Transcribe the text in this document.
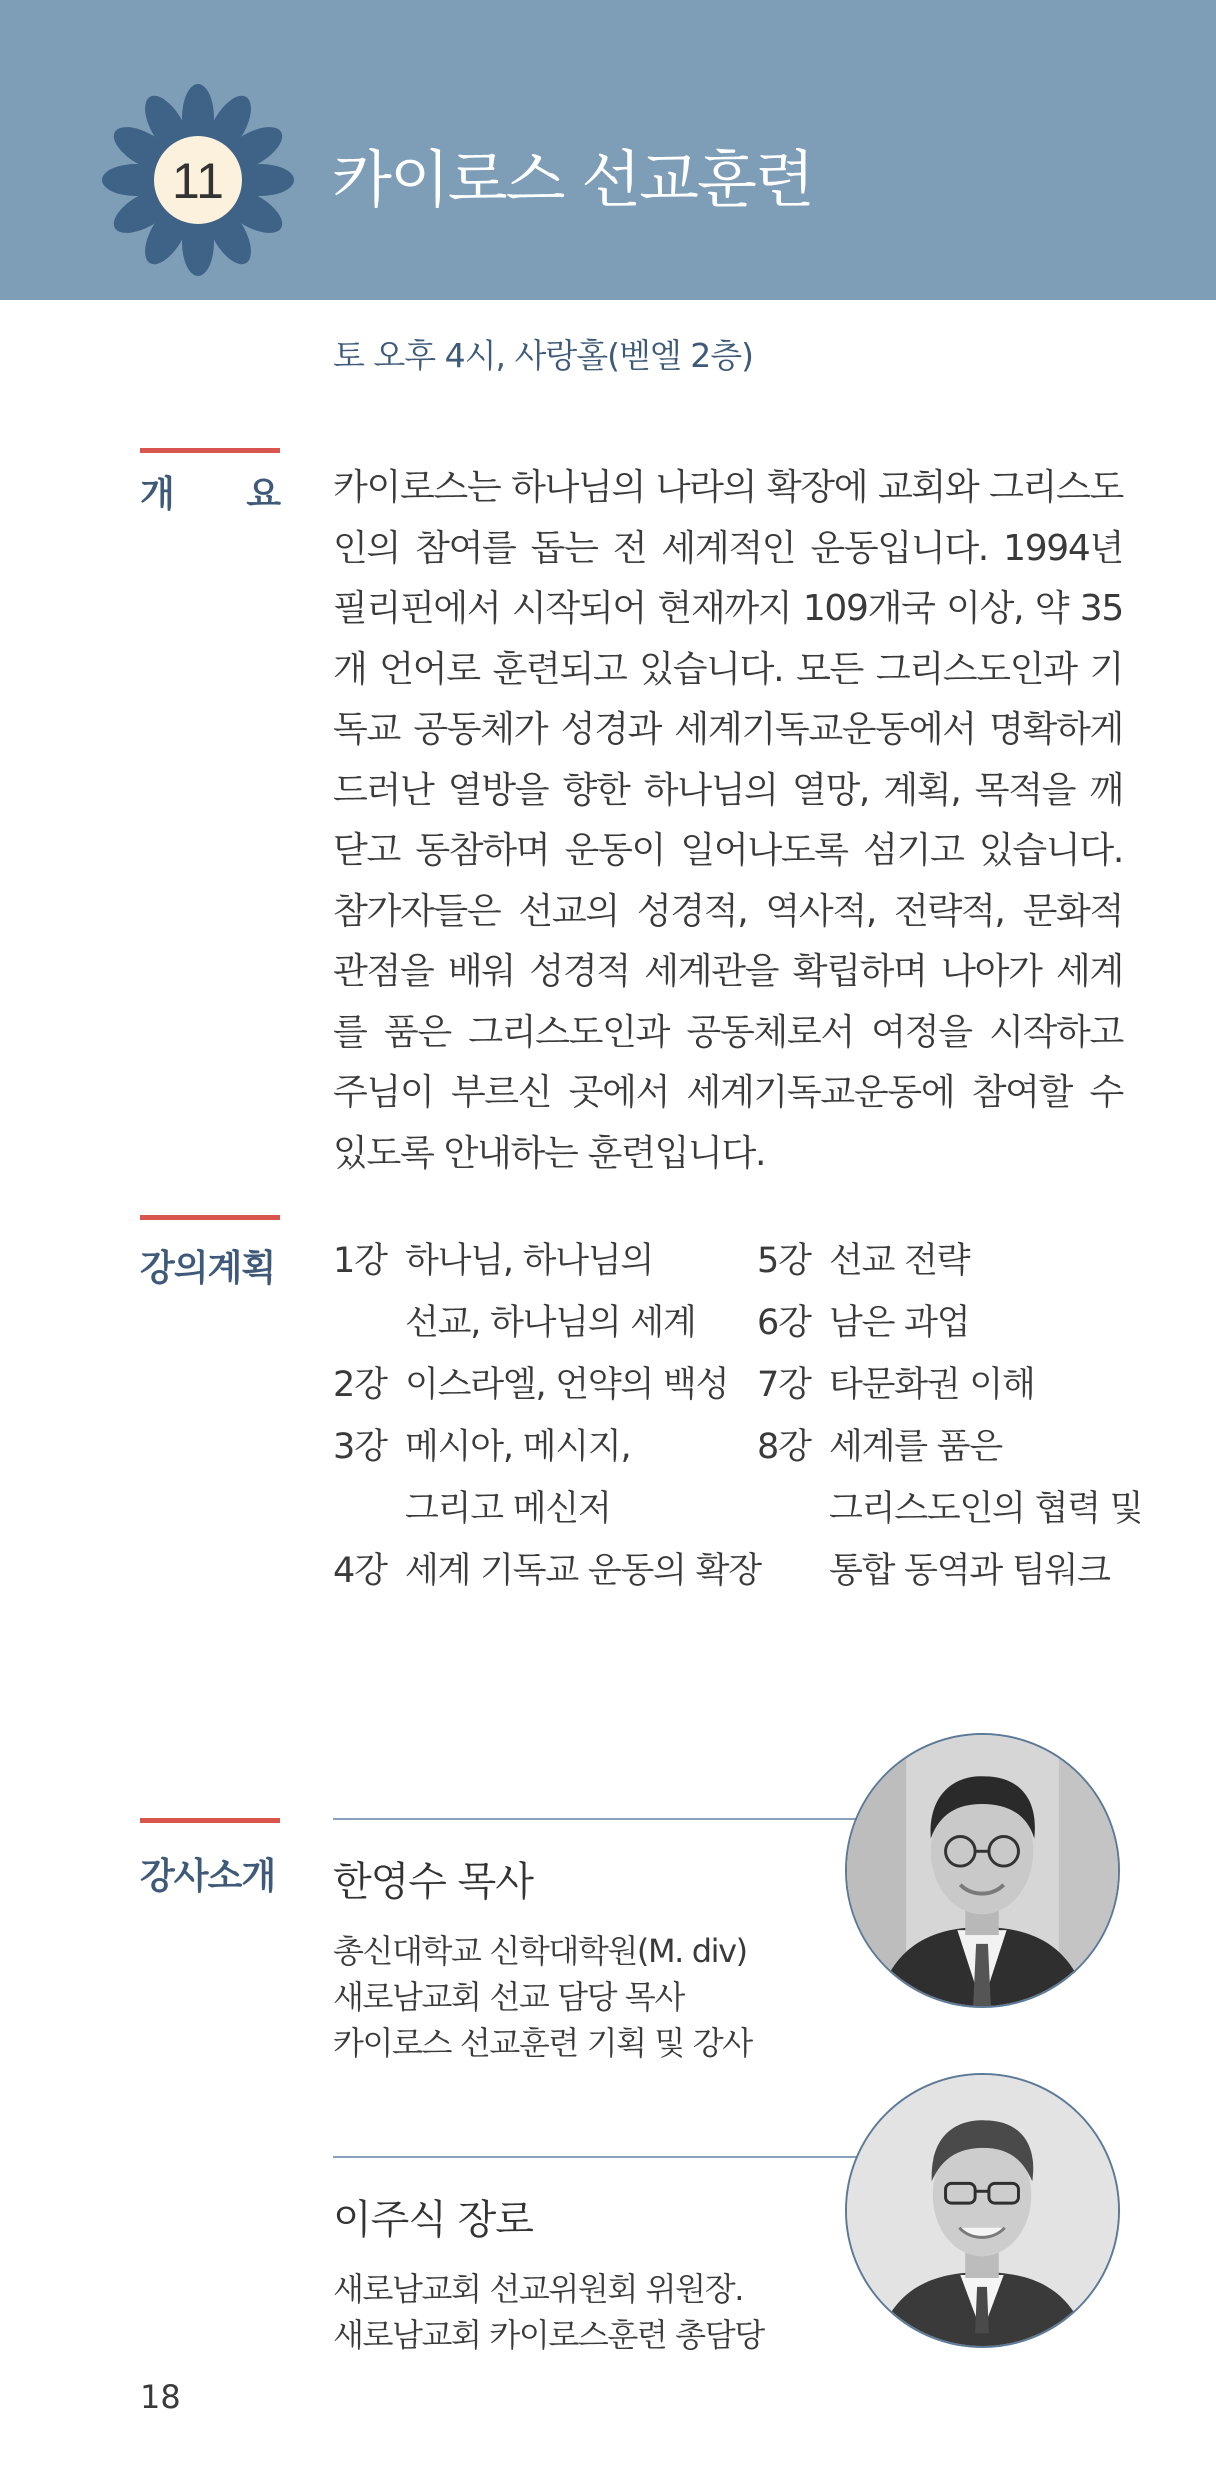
11 카이로스 선교훈련
토 오후 4시, 사랑홀(벧엘 2층)
개 요 카이로스는 하나님의 나라의 확장에 교회와 그리스도인의 참여를 돕는 전 세계적인 운동입니다. 1994년 필리핀에서 시작되어 현재까지 109개국 이상, 약 35개 언어로 훈련되고 있습니다. 모든 그리스도인과 기독교 공동체가 성경과 세계기독교운동에서 명확하게 드러난 열방을 향한 하나님의 열망, 계획, 목적을 깨닫고 동참하며 운동이 일어나도록 섬기고 있습니다. 참가자들은 선교의 성경적, 역사적, 전략적, 문화적 관점을 배워 성경적 세계관을 확립하며 나아가 세계를 품은 그리스도인과 공동체로서 여정을 시작하고 주님이 부르신 곳에서 세계기독교운동에 참여할 수 있도록 안내하는 훈련입니다.
강의계획 1강 하나님, 하나님의
선교, 하나님의 세계
2강 이스라엘, 언약의 백성
3강 메시아, 메시지,
그리고 메신저
4강 세계 기독교 운동의 확장
5강 선교 전략
6강 남은 과업
7강 타문화권 이해
8강 세계를 품은
그리스도인의 협력 및
통합 동역과 팀워크
강사소개 한영수 목사
총신대학교 신학대학원(M. div)
새로남교회 선교 담당 목사
카이로스 선교훈련 기획 및 강사
이주식 장로
새로남교회 선교위원회 위원장.
새로남교회 카이로스훈련 총담당
18
